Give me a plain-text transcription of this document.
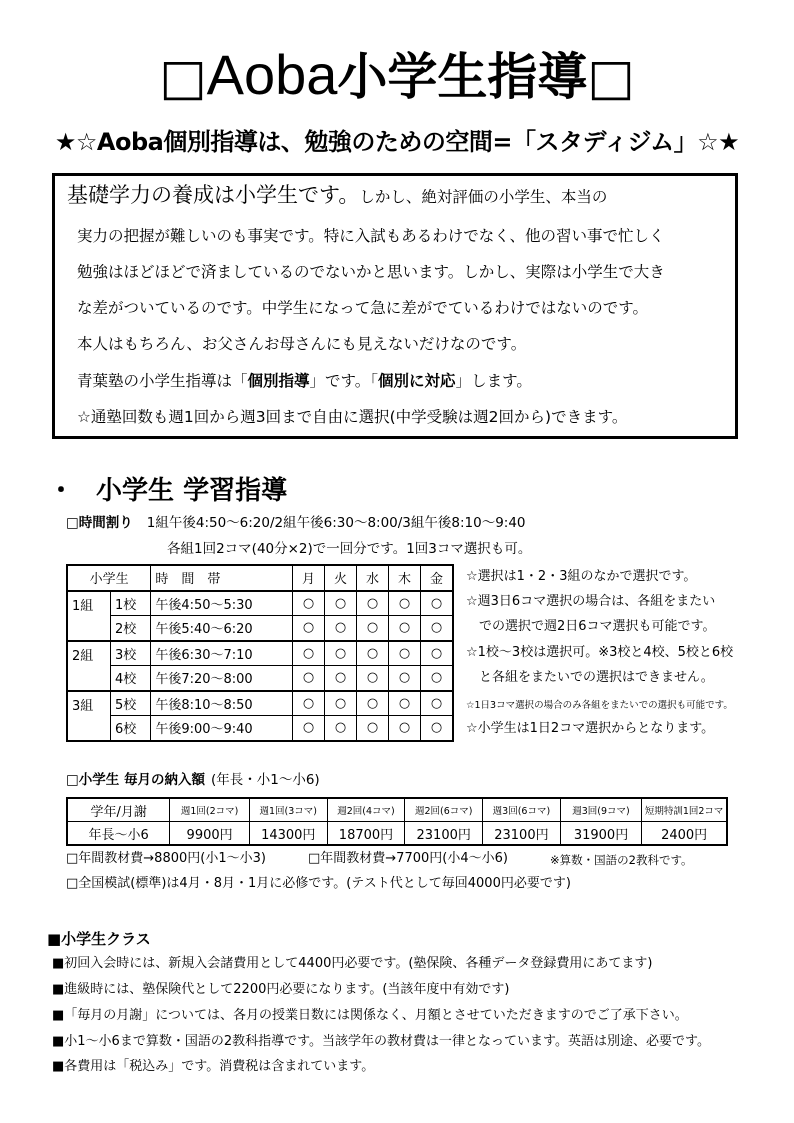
□Aoba小学生指導□
★☆Aoba個別指導は、勉強のための空間=「スタディジム」☆★
基礎学力の養成は小学生です。しかし、絶対評価の小学生、本当の
実力の把握が難しいのも事実です。特に入試もあるわけでなく、他の習い事で忙しく
勉強はほどほどで済ましているのでないかと思います。しかし、実際は小学生で大き
な差がついているのです。中学生になって急に差がでているわけではないのです。
本人はもちろん、お父さんお母さんにも見えないだけなのです。
青葉塾の小学生指導は「個別指導」です。「個別に対応」します。
☆通塾回数も週1回から週3回まで自由に選択(中学受験は週2回から)できます。
・ 小学生 学習指導
□時間割り 1組午後4:50～6:20/2組午後6:30～8:00/3組午後8:10～9:40
各組1回2コマ(40分×2)で一回分です。1回3コマ選択も可。
小学生		時　間　帯	月	火	水	木	金
1組	1校	午後4:50～5:30	○	○	○	○	○
	2校	午後5:40～6:20	○	○	○	○	○
2組	3校	午後6:30～7:10	○	○	○	○	○
	4校	午後7:20～8:00	○	○	○	○	○
3組	5校	午後8:10～8:50	○	○	○	○	○
	6校	午後9:00～9:40	○	○	○	○	○
☆選択は1・2・3組のなかで選択です。
☆週3日6コマ選択の場合は、各組をまたい
　での選択で週2日6コマ選択も可能です。
☆1校～3校は選択可。※3校と4校、5校と6校
　と各組をまたいでの選択はできません。
☆1日3コマ選択の場合のみ各組をまたいでの選択も可能です。
☆小学生は1日2コマ選択からとなります。
□小学生 毎月の納入額 (年長・小1～小6)
学年/月謝	週1回(2コマ)	週1回(3コマ)	週2回(4コマ)	週2回(6コマ)	週3回(6コマ)	週3回(9コマ)	短期特訓1回2コマ
年長～小6	9900円	14300円	18700円	23100円	23100円	31900円	2400円
□年間教材費→8800円(小1～小3)	□年間教材費→7700円(小4～小6)	※算数・国語の2教科です。
□全国模試(標準)は4月・8月・1月に必修です。(テスト代として毎回4000円必要です)
■小学生クラス
■初回入会時には、新規入会諸費用として4400円必要です。(塾保険、各種データ登録費用にあてます)
■進級時には、塾保険代として2200円必要になります。(当該年度中有効です)
■「毎月の月謝」については、各月の授業日数には関係なく、月額とさせていただきますのでご了承下さい。
■小1～小6まで算数・国語の2教科指導です。当該学年の教材費は一律となっています。英語は別途、必要です。
■各費用は「税込み」です。消費税は含まれています。
